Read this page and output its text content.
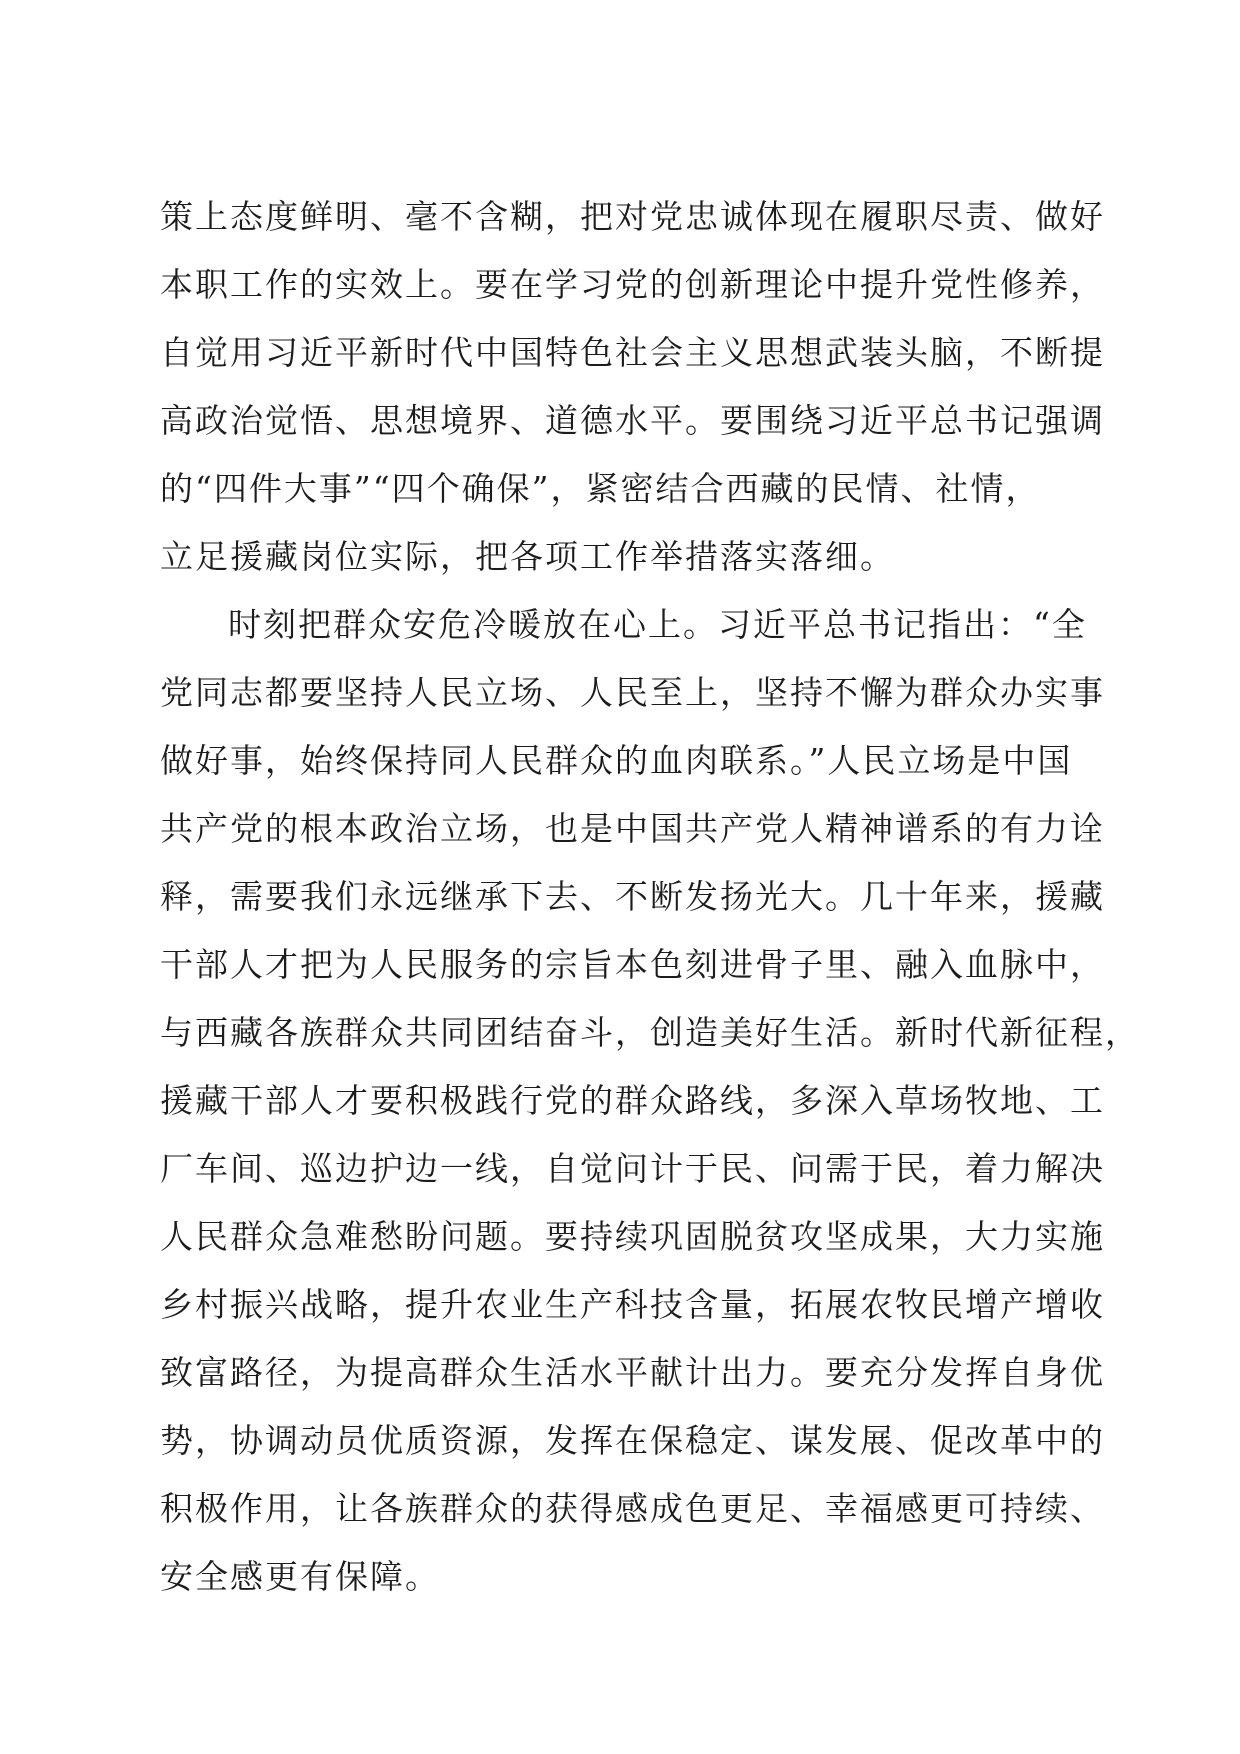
策上态度鲜明、毫不含糊，把对党忠诚体现在履职尽责、做好
本职工作的实效上。要在学习党的创新理论中提升党性修养，
自觉用习近平新时代中国特色社会主义思想武装头脑，不断提
高政治觉悟、思想境界、道德水平。要围绕习近平总书记强调
的“四件大事”“四个确保”，紧密结合西藏的民情、社情，
立足援藏岗位实际，把各项工作举措落实落细。
时刻把群众安危冷暖放在心上。习近平总书记指出：“全
党同志都要坚持人民立场、人民至上，坚持不懈为群众办实事
做好事，始终保持同人民群众的血肉联系。”人民立场是中国
共产党的根本政治立场，也是中国共产党人精神谱系的有力诠
释，需要我们永远继承下去、不断发扬光大。几十年来，援藏
干部人才把为人民服务的宗旨本色刻进骨子里、融入血脉中，
与西藏各族群众共同团结奋斗，创造美好生活。新时代新征程，
援藏干部人才要积极践行党的群众路线，多深入草场牧地、工
厂车间、巡边护边一线，自觉问计于民、问需于民，着力解决
人民群众急难愁盼问题。要持续巩固脱贫攻坚成果，大力实施
乡村振兴战略，提升农业生产科技含量，拓展农牧民增产增收
致富路径，为提高群众生活水平献计出力。要充分发挥自身优
势，协调动员优质资源，发挥在保稳定、谋发展、促改革中的
积极作用，让各族群众的获得感成色更足、幸福感更可持续、
安全感更有保障。
